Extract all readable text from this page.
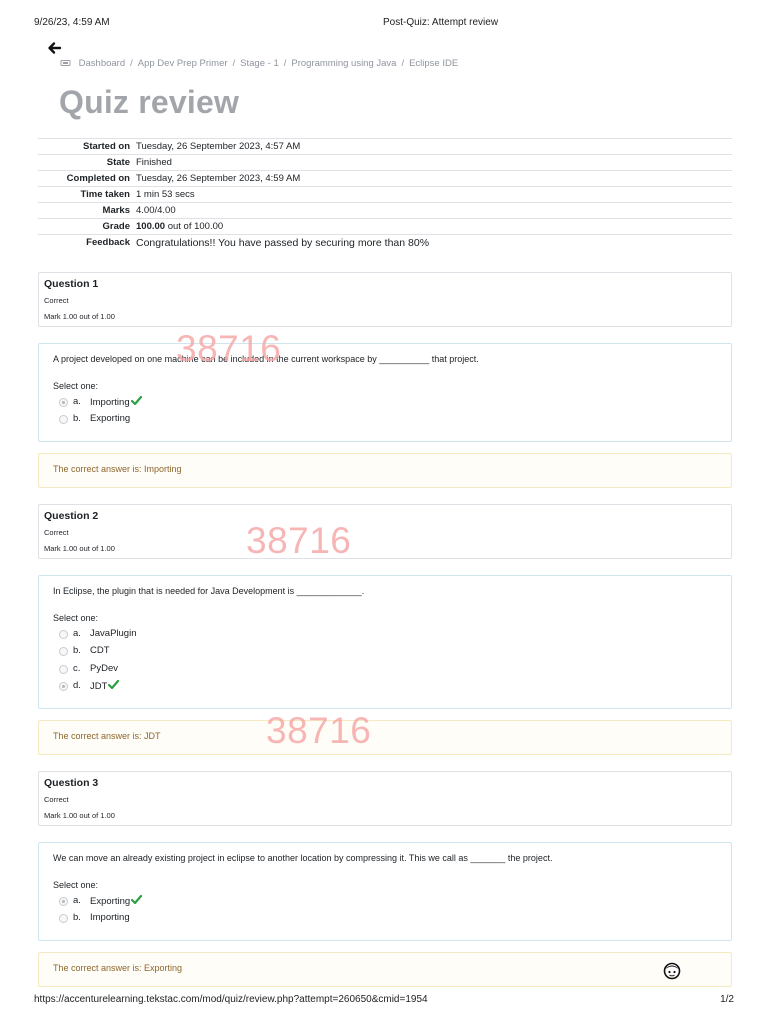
9/26/23, 4:59 AM	Post-Quiz: Attempt review
Dashboard / App Dev Prep Primer / Stage - 1 / Programming using Java / Eclipse IDE
Quiz review
Started on	Tuesday, 26 September 2023, 4:57 AM
State	Finished
Completed on	Tuesday, 26 September 2023, 4:59 AM
Time taken	1 min 53 secs
Marks	4.00/4.00
Grade	100.00 out of 100.00
Feedback	Congratulations!! You have passed by securing more than 80%
Question 1
Correct
Mark 1.00 out of 1.00
A project developed on one machine can be included in the current workspace by __________ that project.
Select one:
a. Importing
b. Exporting
The correct answer is: Importing
Question 2
Correct
Mark 1.00 out of 1.00
In Eclipse, the plugin that is needed for Java Development is _____________.
Select one:
a. JavaPlugin
b. CDT
c. PyDev
d. JDT
The correct answer is: JDT
Question 3
Correct
Mark 1.00 out of 1.00
We can move an already existing project in eclipse to another location by compressing it. This we call as _______ the project.
Select one:
a. Exporting
b. Importing
The correct answer is: Exporting
38716
38716
38716
https://accenturelearning.tekstac.com/mod/quiz/review.php?attempt=260650&cmid=1954	1/2
